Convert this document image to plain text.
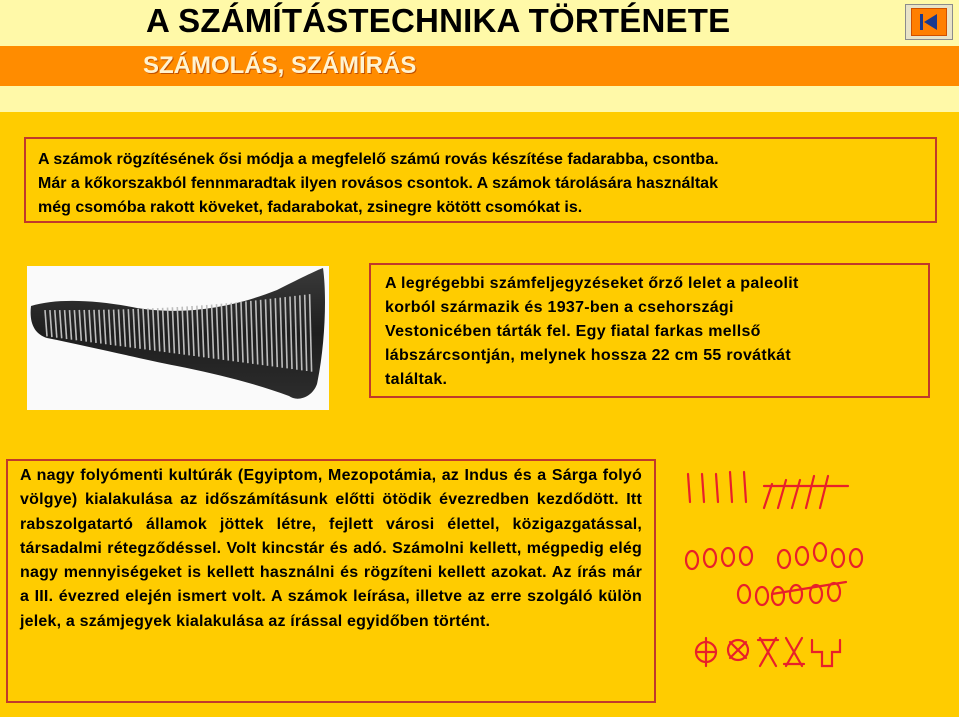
A SZÁMÍTÁSTECHNIKA TÖRTÉNETE
SZÁMOLÁS, SZÁMÍRÁS
A számok rögzítésének ősi módja a megfelelő számú rovás készítése fadarabba, csontba.
Már a kőkorszakból fennmaradtak ilyen rovásos csontok. A számok tárolására használtak
még csomóba rakott köveket, fadarabokat, zsinegre kötött csomókat is.
A legrégebbi számfeljegyzéseket őrző lelet a paleolit
korból származik és 1937-ben a csehországi
Vestonicében tárták fel. Egy fiatal farkas mellső
lábszárcsontján, melynek hossza 22 cm 55 rovátkát
találtak.
A nagy folyómenti kultúrák (Egyiptom, Mezopotámia, az Indus és a Sárga folyó völgye) kialakulása az időszámításunk előtti ötödik évezredben kezdődött. Itt rabszolgatartó államok jöttek létre, fejlett városi élettel, közigazgatással, társadalmi rétegződéssel. Volt kincstár és adó. Számolni kellett, mégpedig elég nagy mennyiségeket is kellett használni és rögzíteni kellett azokat. Az írás már a III. évezred elején ismert volt. A számok leírása, illetve az erre szolgáló külön jelek, a számjegyek kialakulása az írással egyidőben történt.
